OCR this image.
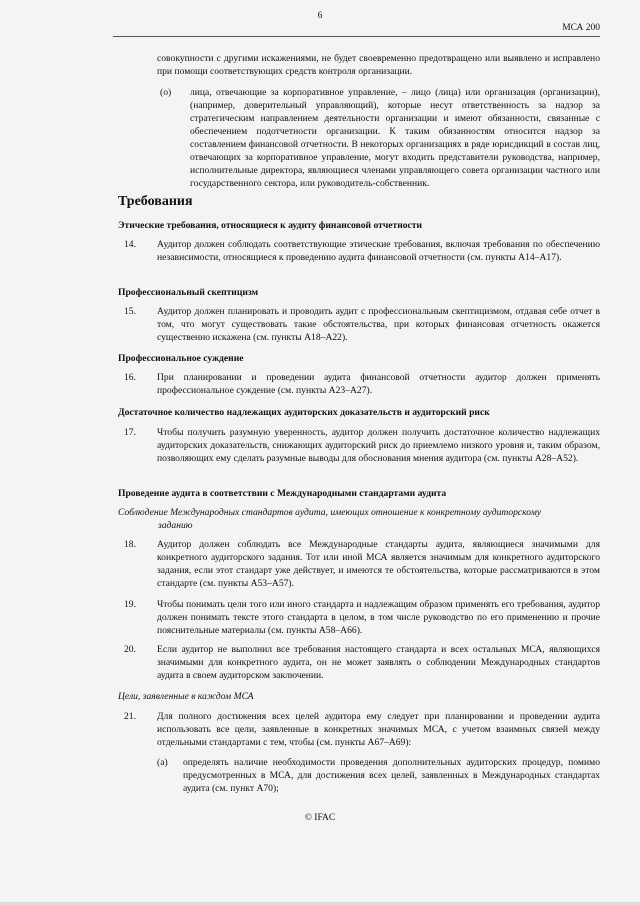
6
МСА 200
совокупности с другими искажениями, не будет своевременно предотвращено или выявлено и исправлено при помощи соответствующих средств контроля организации.
(о) лица, отвечающие за корпоративное управление, – лицо (лица) или организация (организации), (например, доверительный управляющий), которые несут ответственность за надзор за стратегическим направлением деятельности организации и имеют обязанности, связанные с обеспечением подотчетности организации. К таким обязанностям относится надзор за составлением финансовой отчетности. В некоторых организациях в ряде юрисдикций в состав лиц, отвечающих за корпоративное управление, могут входить представители руководства, например, исполнительные директора, являющиеся членами управляющего совета организации частного или государственного сектора, или руководитель-собственник.
Требования
Этические требования, относящиеся к аудиту финансовой отчетности
14. Аудитор должен соблюдать соответствующие этические требования, включая требования по обеспечению независимости, относящиеся к проведению аудита финансовой отчетности (см. пункты А14–А17).
Профессиональный скептицизм
15. Аудитор должен планировать и проводить аудит с профессиональным скептицизмом, отдавая себе отчет в том, что могут существовать такие обстоятельства, при которых финансовая отчетность окажется существенно искажена (см. пункты А18–А22).
Профессиональное суждение
16. При планировании и проведении аудита финансовой отчетности аудитор должен применять профессиональное суждение (см. пункты А23–А27).
Достаточное количество надлежащих аудиторских доказательств и аудиторский риск
17. Чтобы получить разумную уверенность, аудитор должен получить достаточное количество надлежащих аудиторских доказательств, снижающих аудиторский риск до приемлемо низкого уровня и, таким образом, позволяющих ему сделать разумные выводы для обоснования мнения аудитора (см. пункты А28–А52).
Проведение аудита в соответствии с Международными стандартами аудита
Соблюдение Международных стандартов аудита, имеющих отношение к конкретному аудиторскому
заданию
18. Аудитор должен соблюдать все Международные стандарты аудита, являющиеся значимыми для конкретного аудиторского задания. Тот или иной МСА является значимым для конкретного аудиторского задания, если этот стандарт уже действует, и имеются те обстоятельства, которые рассматриваются в этом стандарте (см. пункты А53–А57).
19. Чтобы понимать цели того или иного стандарта и надлежащим образом применять его требования, аудитор должен понимать тексте этого стандарта в целом, в том числе руководство по его применению и прочие пояснительные материалы (см. пункты А58–А66).
20. Если аудитор не выполнил все требования настоящего стандарта и всех остальных МСА, являющихся значимыми для конкретного аудита, он не может заявлять о соблюдении Международных стандартов аудита в своем аудиторском заключении.
Цели, заявленные в каждом МСА
21. Для полного достижения всех целей аудитора ему следует при планировании и проведении аудита использовать все цели, заявленные в конкретных значимых МСА, с учетом взаимных связей между отдельными стандартами с тем, чтобы (см. пункты А67–А69):
(а) определять наличие необходимости проведения дополнительных аудиторских процедур, помимо предусмотренных в МСА, для достижения всех целей, заявленных в Международных стандартах аудита (см. пункт А70);
© IFAC
